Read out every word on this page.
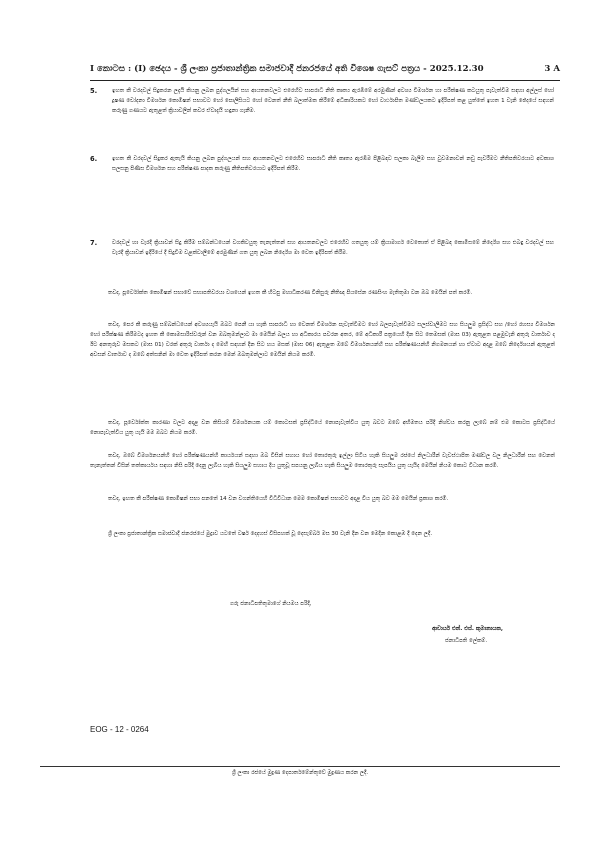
I කොටස : (I) ඡෙදය - ශ්‍රී ලංකා ප්‍රජාතාන්ත්‍රික සමාජවාදී ජනරජයේ අති විශෙෂ ගැසට් පත්‍රය - 2025.12.30	3 A
5.	ඉහත කී වරදවල් සිදුකරන ලදැයි කියනු ලබන පුද්ගලයින් සහ ආයතනවලට එරෙහිව සාපරාධී නීති කෘත්‍ය ඇරඹීමේ අරමුණින් අවශ්‍ය විමර්ශන හා පරීක්ෂණ කටයුතු පැවැත්වීම සඳහා අල්ලස් හෝ දූෂණ චෝදනා විමර්ශන කොමිෂන් සභාවට හෝ පොලිසියට හෝ වෙනත් නීති බලාත්මක කිරීමේ අධිකාරියකට හෝ වාර්ථාපිත මණ්ඩලයකට ඉදිරිපත් කළ යුත්තේ ඉහත 1 වැනි ඡේදයේ සඳහන් කරුණු ගණයට ඇතුළත් ක්‍රියාවලින් කවර ඒවාදැයි හඳුනා ගැනීම.
6.	ඉහත කී වරදවල් සිදුකර ඇතැයි කියනු ලබන පුද්ගලයන් සහ ආයතනවලට එරෙහිව සාපරාධී නීති කෘත්‍ය ඇරඹීම පිළිබඳව සලකා බැලීම සහ වුවමනාවන් නඩු පැවරීමට නීතිපතිවරයාට අවකාශ සලසනු පිණිස විමර්ශන සහ පරීක්ෂණ පාදක කරුණු නීතිපතිවරයාට ඉදිරිපත් කිරීම.
7.	වරදවල් හා වැරදි ක්‍රියාවන් සිදු කිරීම සම්බන්ධයෙන් වගකිවයුතු තැනැත්තන් සහ ආයතනවලට එරෙහිව ගතයුතු යම් ක්‍රියාමාර්ග වෙතොත් ඒ පිළිබඳ කොමිසමේ නිර්දේශ සහ එබඳු වරදවල් සහ වැරදි ක්‍රියාවන් ඉදිරියේ දී සිදුවීම වළක්වාලීමේ අරමුණින් ගත යුතු ලබන නිර්දේශ මා වෙත ඉදිරිපත් කිරීම.
තවද, පූර්වෝක්ත කොමිෂන් සභාවේ සභාපතිවරයා වශයෙන් ඉහත කී හිටපු මහාධිකරණ විනිසුරු නීතිඥ පියසේන රණසිංහ මැතිතුමා වන ඔබ මෙයින් පත් කරමි.
තවද, පෙර කී කරුණු සම්බන්ධයෙන් අවශ්‍යයැයි ඔබට පෙනී යා හැකි සාපරාධී හා වෙනත් විමර්ශන පැවැත්වීමට හෝ බලපැවැත්වීමට සලස්වාලීමට සහ සියලුම ප්‍රසිද්ධ සහ /හෝ රහස්‍ය විමර්ශන හෝ පරීක්ෂණ කිරීමටද ඉහත කී කොමසාරිස්වරුන් වන ඔබතුමන්ලාට මා මෙයින් බලය හා අධිකාරය පවරන අතර, මේ අධිකාරී පත්‍රයෙහි දින සිට තෙමසක් (මාස 03) ඇතුළත පළමුවැනි අතුරු වාර්තාව ද ඊට අනතුරුව මසකට (මාස 01) වරක් අතුරු වාර්තා ද මෙහි සඳහන් දින සිට හය මසක් (මාස 06) ඇතුළත ඔබේ විමර්ශනයන්හි සහ පරීක්ෂණයන්හි නිගමනයන් හා ඒවාට අදාළ ඔබේ නිර්දේශයන් ඇතුළත් අවසන් වාර්තාව ද ඔබේ අත්සනින් මා වෙත ඉදිරිපත් කරන මෙන් ඔබතුමන්ලාට මෙයින් නියම කරමි.
තවද, පූර්වෝක්ත කාරණා වලට අදාළ වන කිසියම් විමර්ශනයක යම් කොටසක් ප්‍රසිද්ධියේ නොපැවැත්විය යුතු බවට ඔබේ අභිමතය පරිදි නිශ්චය කරනු ලැබේ නම් එම කොටස ප්‍රසිද්ධියේ නොපැවැත්විය යුතු යැයි මම ඔබට නියම කරමි.
තවද, ඔබේ විමර්ශනයන්හි හෝ පරීක්ෂණයන්හි කාර්යයන් සඳහා ඔබ විසින් සහාය හෝ තොරතුරු ඉල්ලා සිටිය හැකි සියලුම රජයේ නිලධාරීන් වැවස්ථාපිත මණ්ඩල වල නිලධාරීන් සහ වෙනත් තැනැත්තන් විසින් තත්කාර්යය සඳහා නිසි පරිදි දෙනු ලැබිය හැකි සියලුම සහාය දිය යුතුවූ සපයනු ලැබිය හැකි සියලුම තොරතුරු සැපයිය යුතු යැයිද මෙයින් නියම කොට විධාන කරමි.
තවද, ඉහත කී පරීක්ෂණ කොමිෂන් සභා පනතේ 14 වන වගන්තියෙහි විධිවිධාන මෙම කොමිෂන් සභාවට අදාළ විය යුතු බව මම මෙයින් ප්‍රකාශ කරමි.
ශ්‍රී ලංකා ප්‍රජාතාන්ත්‍රික සමාජවාදී ජනරජයේ මුද්‍රාව යටතේ වර්ෂ දෙදහස් විසිපහක් වූ දෙසැම්බර් මස 30 වැනි දින වන මෙදින කොළඹ දී දෙන ලදී.
ගරු ජනාධිපතිතුමාගේ නියමය පරිදි,
ආචාර්ය එන්. එස්. කුමානායක,
ජනාධිපති ලේකම්.
EOG - 12 - 0264
ශ්‍රී ලංකා රජයේ මුද්‍රණ දෙපාර්තමේන්තුවේ මුද්‍රණය කරන ලදී.
